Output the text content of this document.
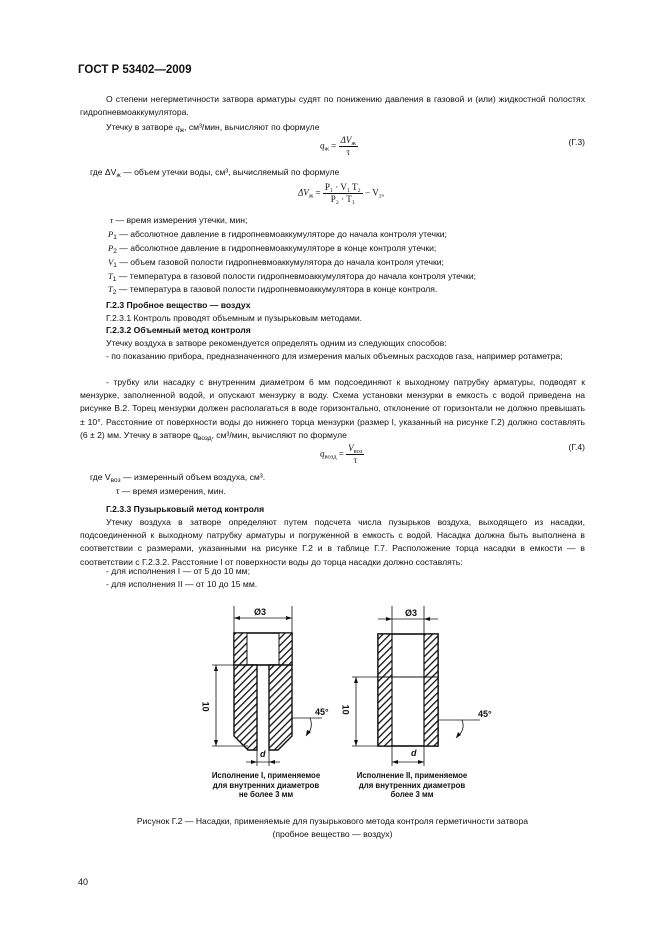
ГОСТ Р 53402—2009
О степени негерметичности затвора арматуры судят по понижению давления в газовой и (или) жидкостной полостях гидропневмоаккумулятора.
Утечку в затворе $q_ж$, см³/мин, вычисляют по формуле
$q_ж = \frac{\Delta V_ж}{\tau}$	(Г.3)
где $\Delta V_ж$ — объем утечки воды, см³, вычисляемый по формуле
$\Delta V_ж = \frac{\text{P₁ · V₁ T₂}}{\text{P₂ · T₁}} - V_2$,
τ — время измерения утечки, мин;
$P_1$ — абсолютное давление в гидропневмоаккумуляторе до начала контроля утечки;
$P_2$ — абсолютное давление в гидропневмоаккумуляторе в конце контроля утечки;
$V_1$ — объем газовой полости гидропневмоаккумулятора до начала контроля утечки;
$T_1$ — температура в газовой полости гидропневмоаккумулятора до начала контроля утечки;
$T_2$ — температура в газовой полости гидропневмоаккумулятора в конце контроля.
Г.2.3 Пробное вещество — воздух
Г.2.3.1 Контроль проводят объемным и пузырьковым методами.
Г.2.3.2 Объемный метод контроля
Утечку воздуха в затворе рекомендуется определять одним из следующих способов:
- по показанию прибора, предназначенного для измерения малых объемных расходов газа, например ротаметра;
- трубку или насадку с внутренним диаметром 6 мм подсоединяют к выходному патрубку арматуры, подводят к мензурке, заполненной водой, и опускают мензурку в воду. Схема установки мензурки в емкость с водой приведена на рисунке В.2. Торец мензурки должен располагаться в воде горизонтально, отклонение от горизонтали не должно превышать ± 10°. Расстояние от поверхности воды до нижнего торца мензурки (размер l, указанный на рисунке Г.2) должно составлять (6 ± 2) мм. Утечку в затворе $q_{возд}$, см³/мин, вычисляют по формуле
$q_{возд} = \frac{V_{воз}}{\tau}$	(Г.4)
где $V_{воз}$ — измеренный объем воздуха, см³.
τ — время измерения, мин.
Г.2.3.3 Пузырьковый метод контроля
Утечку воздуха в затворе определяют путем подсчета числа пузырьков воздуха, выходящего из насадки, подсоединенной к выходному патрубку арматуры и погруженной в емкость с водой. Насадка должна быть выполнена в соответствии с размерами, указанными на рисунке Г.2 и в таблице Г.7. Расположение торца насадки в емкости — в соответствии с Г.2.3.2. Расстояние l от поверхности воды до торца насадки должно составлять:
- для исполнения I — от 5 до 10 мм;
- для исполнения II — от 10 до 15 мм.
Ø3	Ø3
10	10
45°	45°
d	d
Исполнение I, применяемое
для внутренних диаметров
не более 3 мм
Исполнение II, применяемое
для внутренних диаметров
более 3 мм
Рисунок Г.2 — Насадки, применяемые для пузырькового метода контроля герметичности затвора
(пробное вещество — воздух)
40
